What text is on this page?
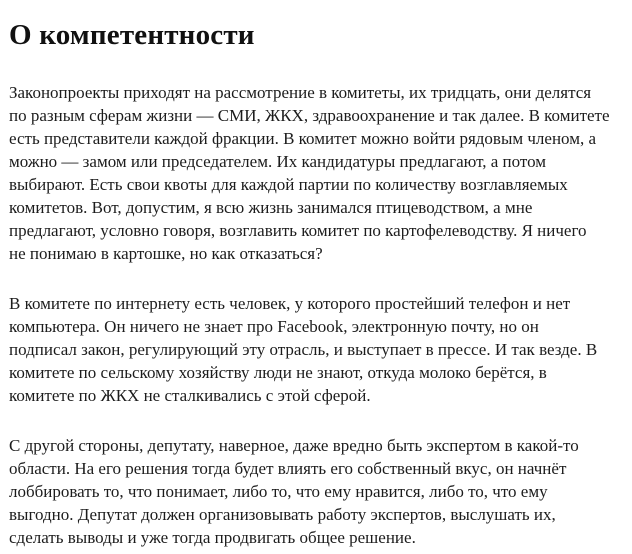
О компетентности

Законопроекты приходят на рассмотрение в комитеты, их тридцать, они делятся
по разным сферам жизни — СМИ, ЖКХ, здравоохранение и так далее. В комитете
есть представители каждой фракции. В комитет можно войти рядовым членом, а
можно — замом или председателем. Их кандидатуры предлагают, а потом
выбирают. Есть свои квоты для каждой партии по количеству возглавляемых
комитетов. Вот, допустим, я всю жизнь занимался птицеводством, а мне
предлагают, условно говоря, возглавить комитет по картофелеводству. Я ничего
не понимаю в картошке, но как отказаться?

В комитете по интернету есть человек, у которого простейший телефон и нет
компьютера. Он ничего не знает про Facebook, электронную почту, но он
подписал закон, регулирующий эту отрасль, и выступает в прессе. И так везде. В
комитете по сельскому хозяйству люди не знают, откуда молоко берётся, в
комитете по ЖКХ не сталкивались с этой сферой.

С другой стороны, депутату, наверное, даже вредно быть экспертом в какой-то
области. На его решения тогда будет влиять его собственный вкус, он начнёт
лоббировать то, что понимает, либо то, что ему нравится, либо то, что ему
выгодно. Депутат должен организовывать работу экспертов, выслушать их,
сделать выводы и уже тогда продвигать общее решение.
